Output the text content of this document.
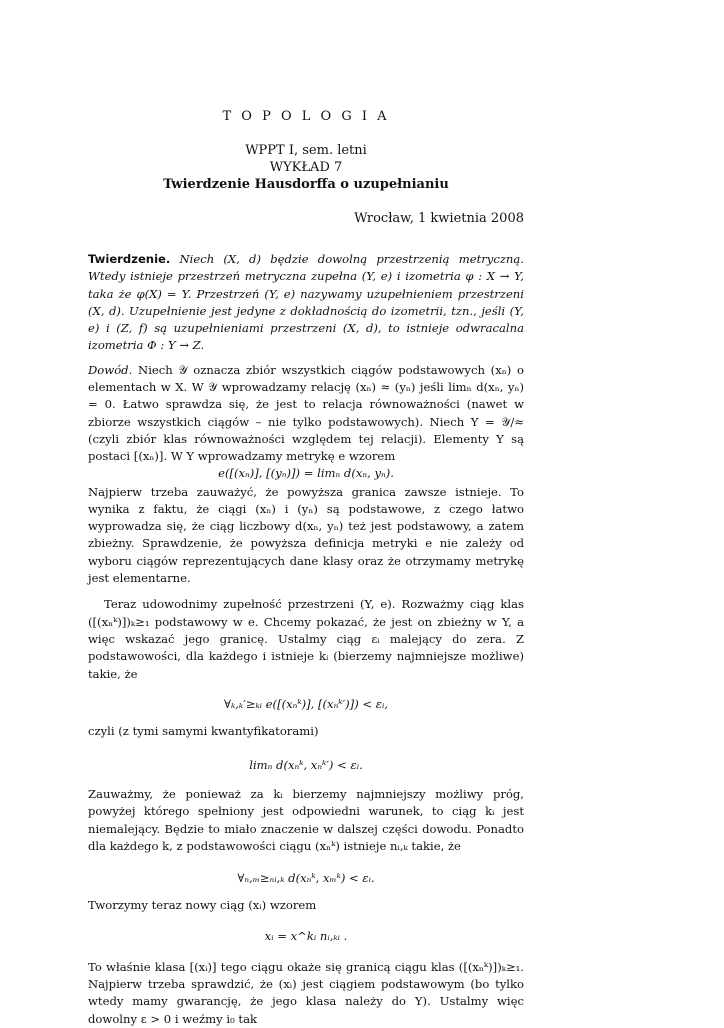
T O P O L O G I A
WPPT I, sem. letni
WYKŁAD 7
Twierdzenie Hausdorffa o uzupełnianiu
Wrocław, 1 kwietnia 2008

Twierdzenie. Niech (X, d) będzie dowolną przestrzenią metryczną. Wtedy istnieje przestrzeń metryczna zupełna (Y, e) i izometria φ : X → Y, taka że φ(X) = Y. Przestrzeń (Y, e) nazywamy uzupełnieniem przestrzeni (X, d). Uzupełnienie jest jedyne z dokładnością do izometrii, tzn., jeśli (Y, e) i (Z, f) są uzupełnieniami przestrzeni (X, d), to istnieje odwracalna izometria Φ : Y → Z.

Dowód. Niech 𝒴 oznacza zbiór wszystkich ciągów podstawowych (xₙ) o elementach w X. W 𝒴 wprowadzamy relację (xₙ) ≈ (yₙ) jeśli limₙ d(xₙ, yₙ) = 0. Łatwo sprawdza się, że jest to relacja równoważności (nawet w zbiorze wszystkich ciągów – nie tylko podstawowych). Niech Y = 𝒴/≈ (czyli zbiór klas równoważności względem tej relacji). Elementy Y są postaci [(xₙ)]. W Y wprowadzamy metrykę e wzorem

e([(xₙ)], [(yₙ)]) = limₙ d(xₙ, yₙ).

Najpierw trzeba zauważyć, że powyższa granica zawsze istnieje. To wynika z faktu, że ciągi (xₙ) i (yₙ) są podstawowe, z czego łatwo wyprowadza się, że ciąg liczbowy d(xₙ, yₙ) też jest podstawowy, a zatem zbieżny. Sprawdzenie, że powyższa definicja metryki e nie zależy od wyboru ciągów reprezentujących dane klasy oraz że otrzymamy metrykę jest elementarne.

Teraz udowodnimy zupełność przestrzeni (Y, e). Rozważmy ciąg klas ([(xₙᵏ)])ₖ≥₁ podstawowy w e. Chcemy pokazać, że jest on zbieżny w Y, a więc wskazać jego granicę. Ustalmy ciąg εᵢ malejący do zera. Z podstawowości, dla każdego i istnieje kᵢ (bierzemy najmniejsze możliwe) takie, że

∀ₖ,ₖ′≥ₖᵢ e([(xₙᵏ)], [(xₙᵏ′)]) < εᵢ,

czyli (z tymi samymi kwantyfikatorami)

limₙ d(xₙᵏ, xₙᵏ′) < εᵢ.

Zauważmy, że ponieważ za kᵢ bierzemy najmniejszy możliwy próg, powyżej którego spełniony jest odpowiedni warunek, to ciąg kᵢ jest niemalejący. Będzie to miało znaczenie w dalszej części dowodu. Ponadto dla każdego k, z podstawowości ciągu (xₙᵏ) istnieje nᵢ,ₖ takie, że

∀ₙ,ₘ≥ₙᵢ,ₖ d(xₙᵏ, xₘᵏ) < εᵢ.

Tworzymy teraz nowy ciąg (xᵢ) wzorem

xᵢ = x^kᵢ nᵢ,ₖᵢ .

To właśnie klasa [(xᵢ)] tego ciągu okaże się granicą ciągu klas ([(xₙᵏ)])ₖ≥₁. Najpierw trzeba sprawdzić, że (xᵢ) jest ciągiem podstawowym (bo tylko wtedy mamy gwarancję, że jego klasa należy do Y). Ustalmy więc dowolny ε > 0 i weźmy i₀ tak
